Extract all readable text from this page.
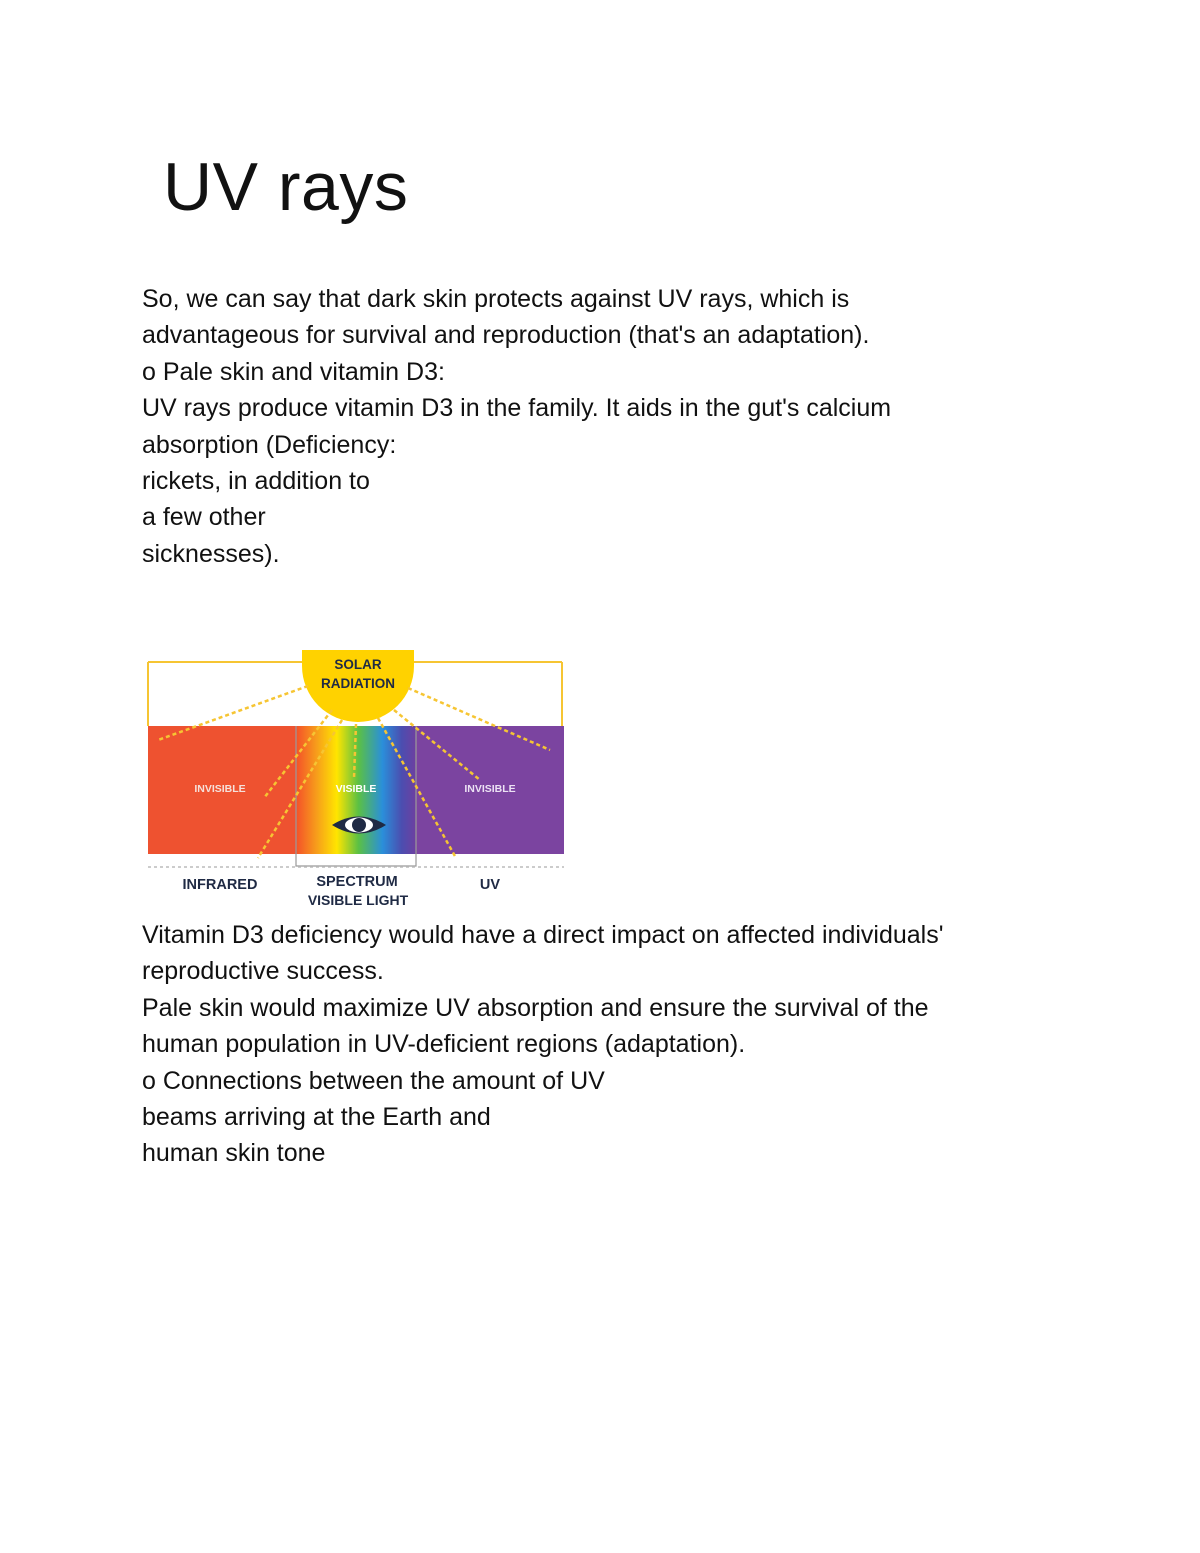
UV rays
So, we can say that dark skin protects against UV rays, which is
advantageous for survival and reproduction (that's an adaptation).
o Pale skin and vitamin D3:
UV rays produce vitamin D3 in the family. It aids in the gut's calcium
absorption (Deficiency:
rickets, in addition to
a few other
sicknesses).
SOLAR
RADIATION
INVISIBLE	VISIBLE	INVISIBLE
INFRARED	SPECTRUM
VISIBLE LIGHT
UV
Vitamin D3 deficiency would have a direct impact on affected individuals'
reproductive success.
Pale skin would maximize UV absorption and ensure the survival of the
human population in UV-deficient regions (adaptation).
o Connections between the amount of UV
beams arriving at the Earth and
human skin tone
